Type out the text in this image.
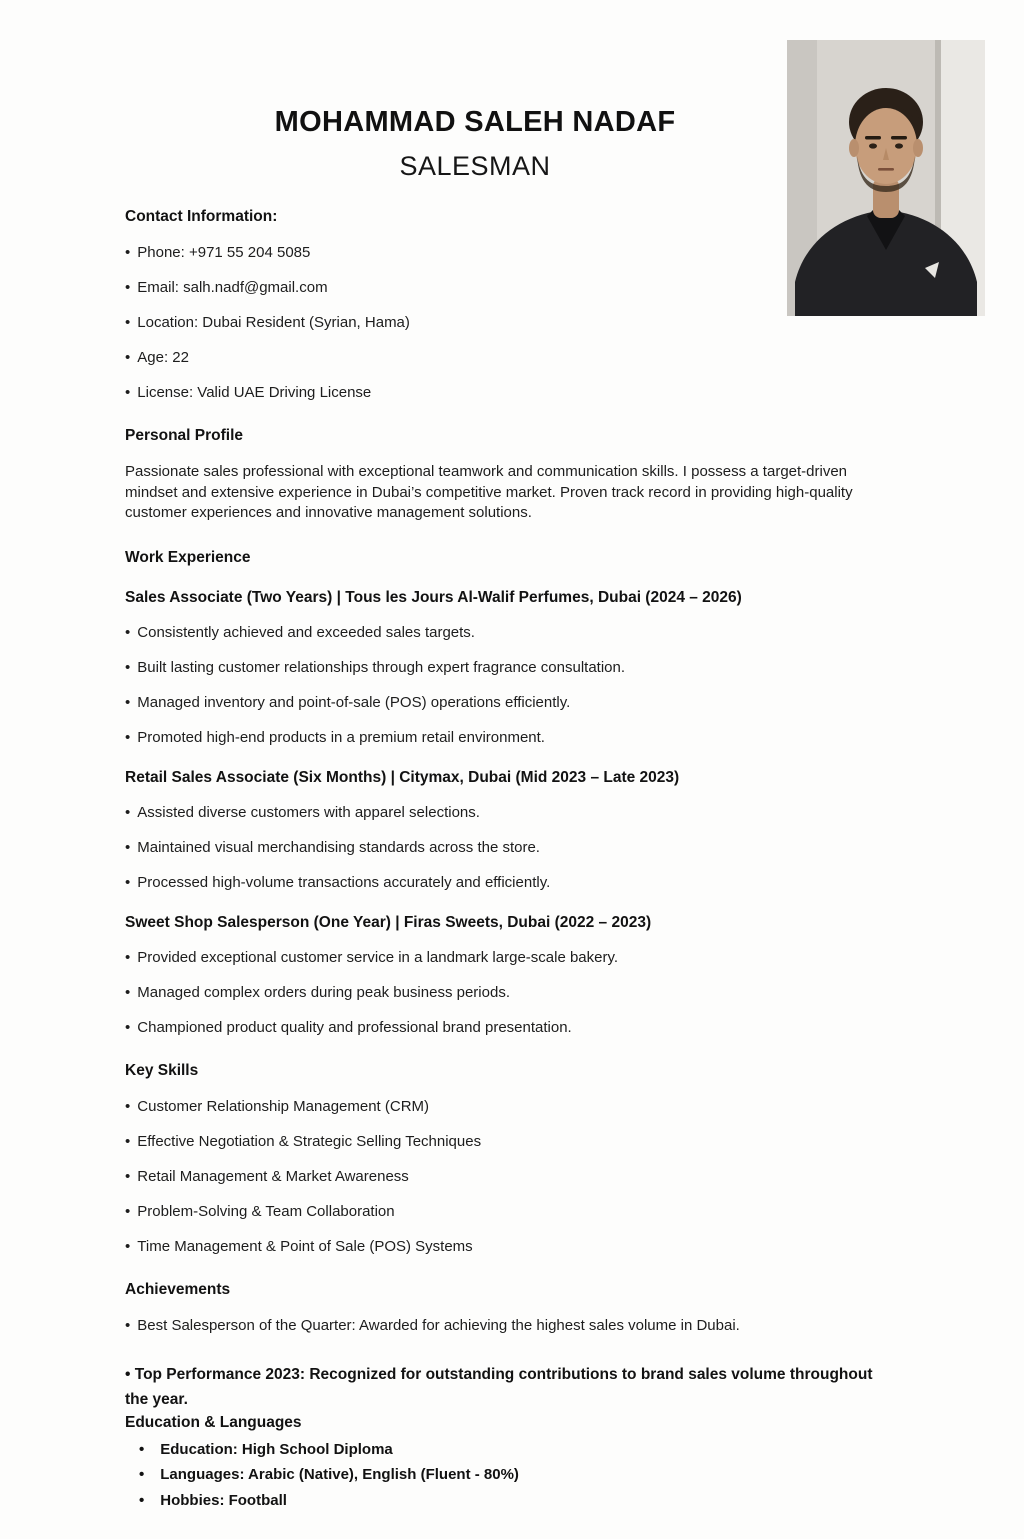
MOHAMMAD SALEH NADAF
SALESMAN
Contact Information:
• Phone: +971 55 204 5085
• Email: salh.nadf@gmail.com
• Location: Dubai Resident (Syrian, Hama)
• Age: 22
• License: Valid UAE Driving License
Personal Profile

Passionate sales professional with exceptional teamwork and communication skills. I possess a target-driven mindset and extensive experience in Dubai’s competitive market. Proven track record in providing high-quality customer experiences and innovative management solutions.

Work Experience
Sales Associate (Two Years) | Tous les Jours Al-Walif Perfumes, Dubai (2024 – 2026)
• Consistently achieved and exceeded sales targets.
• Built lasting customer relationships through expert fragrance consultation.
• Managed inventory and point-of-sale (POS) operations efficiently.
• Promoted high-end products in a premium retail environment.
Retail Sales Associate (Six Months) | Citymax, Dubai (Mid 2023 – Late 2023)
• Assisted diverse customers with apparel selections.
• Maintained visual merchandising standards across the store.
• Processed high-volume transactions accurately and efficiently.
Sweet Shop Salesperson (One Year) | Firas Sweets, Dubai (2022 – 2023)
• Provided exceptional customer service in a landmark large-scale bakery.
• Managed complex orders during peak business periods.
• Championed product quality and professional brand presentation.
Key Skills
• Customer Relationship Management (CRM)
• Effective Negotiation & Strategic Selling Techniques
• Retail Management & Market Awareness
• Problem-Solving & Team Collaboration
• Time Management & Point of Sale (POS) Systems
Achievements
• Best Salesperson of the Quarter: Awarded for achieving the highest sales volume in Dubai.
• Top Performance 2023: Recognized for outstanding contributions to brand sales volume throughout the year.
Education & Languages
• Education: High School Diploma
• Languages: Arabic (Native), English (Fluent - 80%)
• Hobbies: Football
